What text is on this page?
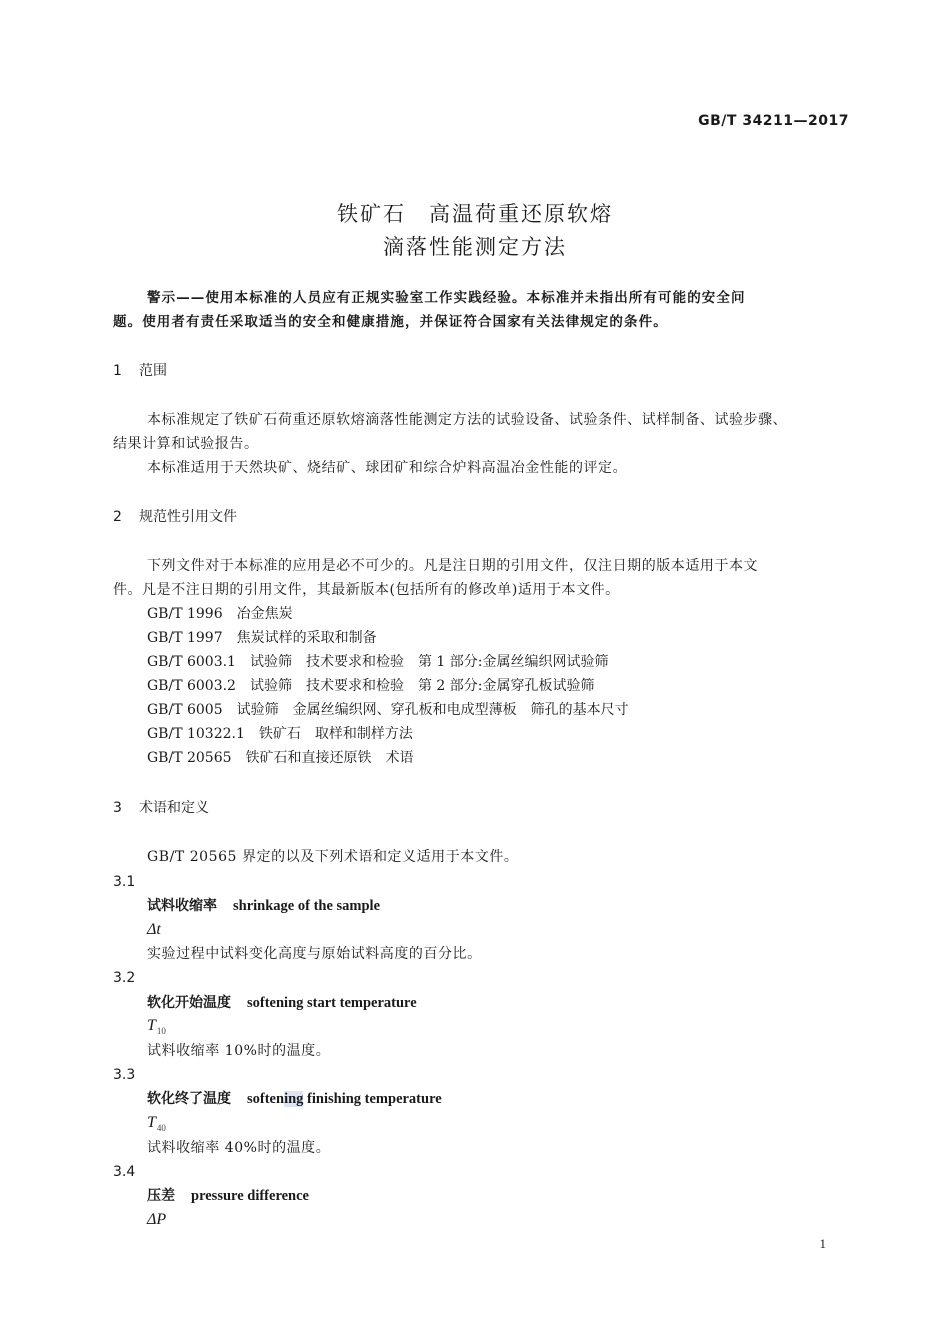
GB/T 34211—2017
铁矿石　高温荷重还原软熔
滴落性能测定方法
警示——使用本标准的人员应有正规实验室工作实践经验。本标准并未指出所有可能的安全问
题。使用者有责任采取适当的安全和健康措施，并保证符合国家有关法律规定的条件。
1 范围
本标准规定了铁矿石荷重还原软熔滴落性能测定方法的试验设备、试验条件、试样制备、试验步骤、
结果计算和试验报告。
本标准适用于天然块矿、烧结矿、球团矿和综合炉料高温冶金性能的评定。
2 规范性引用文件
下列文件对于本标准的应用是必不可少的。凡是注日期的引用文件，仅注日期的版本适用于本文
件。凡是不注日期的引用文件，其最新版本(包括所有的修改单)适用于本文件。
GB/T 1996 冶金焦炭
GB/T 1997 焦炭试样的采取和制备
GB/T 6003.1 试验筛　技术要求和检验　第 1 部分:金属丝编织网试验筛
GB/T 6003.2 试验筛　技术要求和检验　第 2 部分:金属穿孔板试验筛
GB/T 6005 试验筛　金属丝编织网、穿孔板和电成型薄板　筛孔的基本尺寸
GB/T 10322.1 铁矿石　取样和制样方法
GB/T 20565 铁矿石和直接还原铁　术语
3 术语和定义
GB/T 20565 界定的以及下列术语和定义适用于本文件。
3.1
试料收缩率 shrinkage of the sample
Δt
实验过程中试料变化高度与原始试料高度的百分比。
3.2
软化开始温度 softening start temperature
$T_{10}$
试料收缩率 10%时的温度。
3.3
软化终了温度 softening finishing temperature
$T_{40}$
试料收缩率 40%时的温度。
3.4
压差 pressure difference
ΔP
1
